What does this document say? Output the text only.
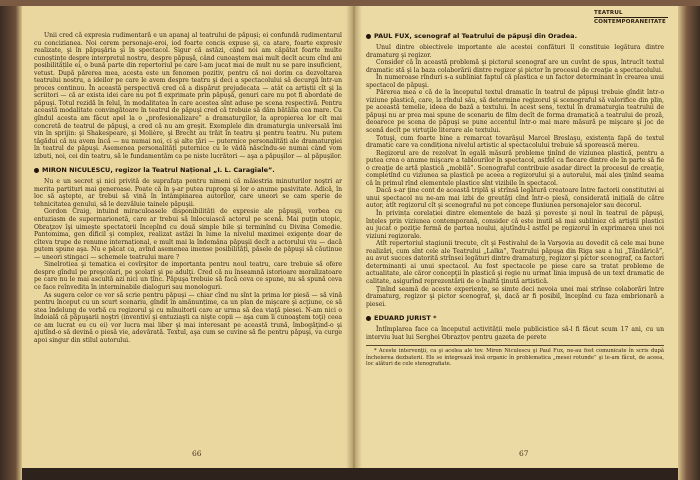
Unii cred că expresia rudimentară e un apanaj al teatrului de păpuși; ei confundă rudimentarul cu concizianea. Noi cerem personaje-eroi, iod foarte concis expuse şi, ca atare, foarte expresiv realizate, şi în păpuşăria şi în spectacol. Sigur că astăzi, când noi am căpătat foarte multe cunoștințe despre interpretul nostru, despre păpuşă, când cunoaştem mai mult decît acum cînd ani posibilitățile ei, o bună parte din repertoriul pe care l-am jucat mai de mult nu se pare insuficient, vetust. După părerea mea, acesta este un fenomen pozitiv, pentru că noi dorim ca dezvoltarea teatrului nostru, a ideilor pe care le avem despre teatru şi deci a spectacolului să decurgă într-un proces continuu. În această perspectivă cred că a dispărut prejudecata — atât ca artiştii cît şi la scriitori — că ar exista idei care nu pot fi exprimate prin păpuşă, genuri care nu pot fi abordate de păpuşi. Totul rezidă în felul, în modalitatea în care acestea sînt aduse pe scena respectivă. Pentru această modalitate convingătoare în teatrul de păpuşi cred că trebuie să dăm bătălia cea mare. Cu gîndul acesta am făcut apel la o „profesionalizare” a dramaturgilor, la apropierea lor cît mai concretă de teatrul de păpuşi, a cred că nu am greşit. Exemplele din dramaturgia universală îmi vin în sprijin: şi Shakespeare, şi Molière, şi Brecht au trăit în teatru şi pentru teatru. Nu putem tăgădui că nu avem încă — nu numai noi, ci şi alte ţări — puternice personalități ale dramaturgiei în teatrul de păpuşi. Asemenea personalități puternice cu le vădă născîndu-se numai când vom izbuti, noi, cei din teatru, să le fundamentăm ca pe niste lucrători — aşa a păpuşilor — al păpuşilor.

MIRON NICULESCU, regizor la Teatrul Național „I. L. Caragiale”.

Nu e un secret şi nici privită de suprafaţa pentru nimeni că măiestria minuturilor noştri ar merita partituri mai generoase. Poate că în ş-ar putea ruproga şi lor o anume pasivitate. Adică, în loc să aştepte, ar trebui să vină în întâmpinarea autorilor, care uneori se cam sperie de tehnicitatea genului, să le dezvăluie tainele păpuşii.

Gordon Craig, intuind miraculoasele disponibilități de expresie ale păpuşii, vorbea cu entuziasm de supermarionetă, care ar trebui să înlocuiască actorul pe scenă. Mai puţin utopic, Obraţzov îşi uimeşte spectatorii începînd cu două simple bile şi terminînd cu Divina Comedie. Pantomima, gen dificil şi complex, realizat astăzi în lume la nivelul maximei exigențe doar de cîteva trupe de renume internațional, e mult mai la îndemâna păpuşii decît a actorului viu — dacă putem spune aşa. Nu e păcat ca, avînd asemenea imense posibilități, păsele de păpuşi să căutinue — uneori stingaci — schemele teatrului mare ?

Sinelrotiea şi tematica ei covîrşitor de importanta pentru noul teatru, care trebuie să ofere despre gîndul pe preşcolari, pe şcolari şi pe adulţi. Cred că nu înseamnă istorioare moralizatoare pe care nu le mai ascultă azi nici un țînc. Păpuşa trebuie să facă ceva ce spune, nu să spună ceva ce face reînvedita în interminabile dialoguri sau monologuri.

As sugera celor ce vor să scrie pentru păpuşi — chiar cînd nu sînt la prima lor piesă — să vină pentru început cu un scurt scenariu, gîndit în amănunțime, ca un plan de mişcare şi acţiune, ce să stea îndelung de vorbă cu regizorul şi cu mînuitorii care ar urma să dea viaţă piesei. N-am nici o îndoială că păpuşarii noştri (inventivi şi entuziaşti ca nişte copii — aşa cum îi cunoaştem toţi) ceea ce am lucrat eu cu ei) vor lucra mai liber şi mai interesant pe această trună, îmbogăţind-o şi ajutînd-o să devină o piesă vie, adevărată. Textul, aşa cum se cuvine să fie pentru păpuşi, va curge apoi singur din stilul autorului.

66
TEATRUL
CONTEMPORANEITATE
PAUL FUX, scenograf al Teatrului de păpuşi din Oradea.

Unul dintre obiectivele importante ale acestei confături îl constituie legătura dintre dramaturg şi regizor.

Consider că în această problemă şi pictorul scenograf are un cuvînt de spus, întrucît textul dramatic stă şi la baza colaborării dintre regizor şi pictor în procesul de creaţie a spectacolului.

În numeroase rînduri s-a subliniat faptul că plastica e un factor determinant în crearea unui spectacol de păpuşi.

Părerea mea e că de la începutul textul dramatic în teatrul de păpuşi trebuie gîndit într-o viziune plastică, care, la rîndul său, să determine regizorul şi scenograful să valorifice din plin, pe această temelie, ideea de bază a textului. În acest sens, textul în dramaturgia teatrului de păpuşi nu ar prea mai spune de scenariu de film decît de forma dramatică a teatrului de proză, deoarece pe scena de păpuşi se pune accentul într-o mai mare măsură pe mişcare şi joc de scenă decît pe virtuţile literare ale textului.

Totuşi, cum foarte bine a remarcat tovarăşul Marcel Breslaşu, existența fapă de textul dramatic care va condiționa nivelul artistic al spectacolului trebuie să sporească mereu.

Regizorul are de rezolvat în egală măsură probleme ţinînd de viziunea plastică, pentru a putea crea o anume mişcare a tablourilor în spectacol, astfel ca fiecare dintre ele în parte să fie o creaţie de artă plastică „mobilă”. Scenograful contribuie asadar direct la procesul de creaţie, completînd cu viziunea sa plastică pe aceea a regizorului şi a autorului, mai ales ţinînd seama că în primul rînd elementele plastice sînt vizibile în spectacol.

Dacă s-ar ţine cont de această triplă şi strînsă legătură creatoare între factorii constitutivi ai unui spectacol nu ne-am mai izbi de greutăţi cînd într-o piesă, considerată inițială de către autor, atît regizorul cît şi scenograful nu pot concepe fluxiunea personajelor sau decorul.

În privința corelației dintre elementele de bază şi poveste şi noul în teatrul de păpuşi, înțeles prin viziunea contemporană, consider că este inutil să mai subliniez că artiştii plastici au jucat o poziţie fermă de partea noului, ajutîndu-l astfel pe regizorul în exprimarea unei noi viziuni regizorale.

Atît repertoriul stagiunii trecute, cît şi Festivalul de la Varşovia au dovedit că cele mai bune realizări, cum sînt cele ale Teatrului „Lalka”, Teatrului păpuşa din Riga sau a lui „Tăndărică”, au avut succes datorită strînsei legături dintre dramaturg, regizor şi pictor scenograf, ca factori determinanți ai unui spectacol. Au fost spectacole pe piese care sa tratat probleme de actualitate, ale căror concepţii în plastică şi regie nu urmat linia impusă de un text dramatic de calitate, asigurînd reprezentării de o înaltă ţinută artistică.

Ţinînd seamă de aceste experiențe, se simte deci nevoia unei mai strînse colaborări între dramaturg, regizor şi pictor scenograf, şi, dacă ar fi posibil, începînd cu faza embrionară a piesei.

EDUARD JURIST *

Întîmplarea face ca începutul activității mele publicistice să-l fi făcut scum 17 ani, cu un interviu luat lui Serghei Obrazțov pentru gazeta de perete

* Aceste intervenţii, ca şi acelea ale tov. Miron Niculescu şi Paul Fux, ne-au fost comunicate în scris după încheierea dezbaterii. Ele se integrează însă organic în problematica „mesei rotunde” şi le-am făcut, de aceea, loc alături de cele stenografiate.

67
